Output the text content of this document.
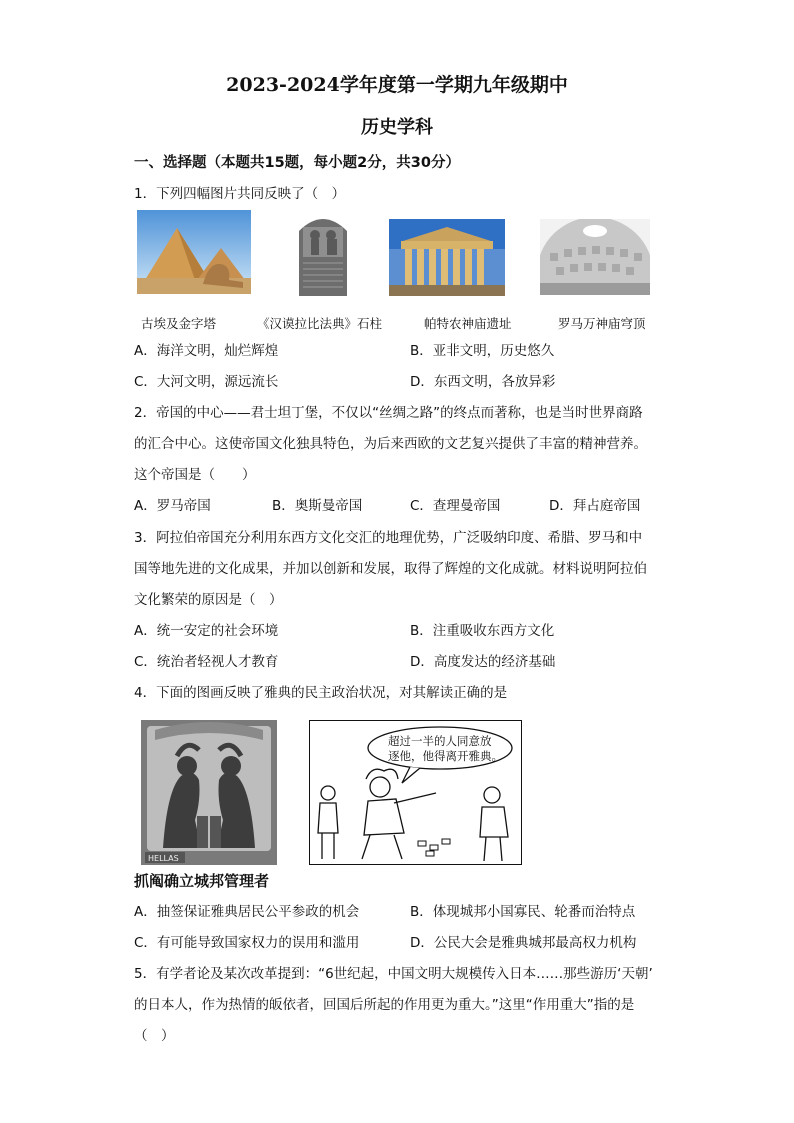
2023-2024学年度第一学期九年级期中
历史学科
一、选择题（本题共15题，每小题2分，共30分）
1．下列四幅图片共同反映了（　）
古埃及金字塔	《汉谟拉比法典》石柱	帕特农神庙遗址	罗马万神庙穹顶
A．海洋文明，灿烂辉煌	B．亚非文明，历史悠久
C．大河文明，源远流长	D．东西文明，各放异彩
2．帝国的中心——君士坦丁堡，不仅以“丝绸之路”的终点而著称，也是当时世界商路
的汇合中心。这使帝国文化独具特色，为后来西欧的文艺复兴提供了丰富的精神营养。
这个帝国是（　　）
A．罗马帝国	B．奥斯曼帝国	C．查理曼帝国	D．拜占庭帝国
3．阿拉伯帝国充分利用东西方文化交汇的地理优势，广泛吸纳印度、希腊、罗马和中
国等地先进的文化成果，并加以创新和发展，取得了辉煌的文化成就。材料说明阿拉伯
文化繁荣的原因是（　）
A．统一安定的社会环境	B．注重吸收东西方文化
C．统治者轻视人才教育	D．高度发达的经济基础
4．下面的图画反映了雅典的民主政治状况，对其解读正确的是
HELLAS
抓阄确立城邦管理者
超过一半的人同意放
逐他，他得离开雅典。
A．抽签保证雅典居民公平参政的机会	B．体现城邦小国寡民、轮番而治特点
C．有可能导致国家权力的误用和滥用	D．公民大会是雅典城邦最高权力机构
5．有学者论及某次改革提到：“6世纪起，中国文明大规模传入日本……那些游历‘天朝’
的日本人，作为热情的皈依者，回国后所起的作用更为重大。”这里“作用重大”指的是
（　）
